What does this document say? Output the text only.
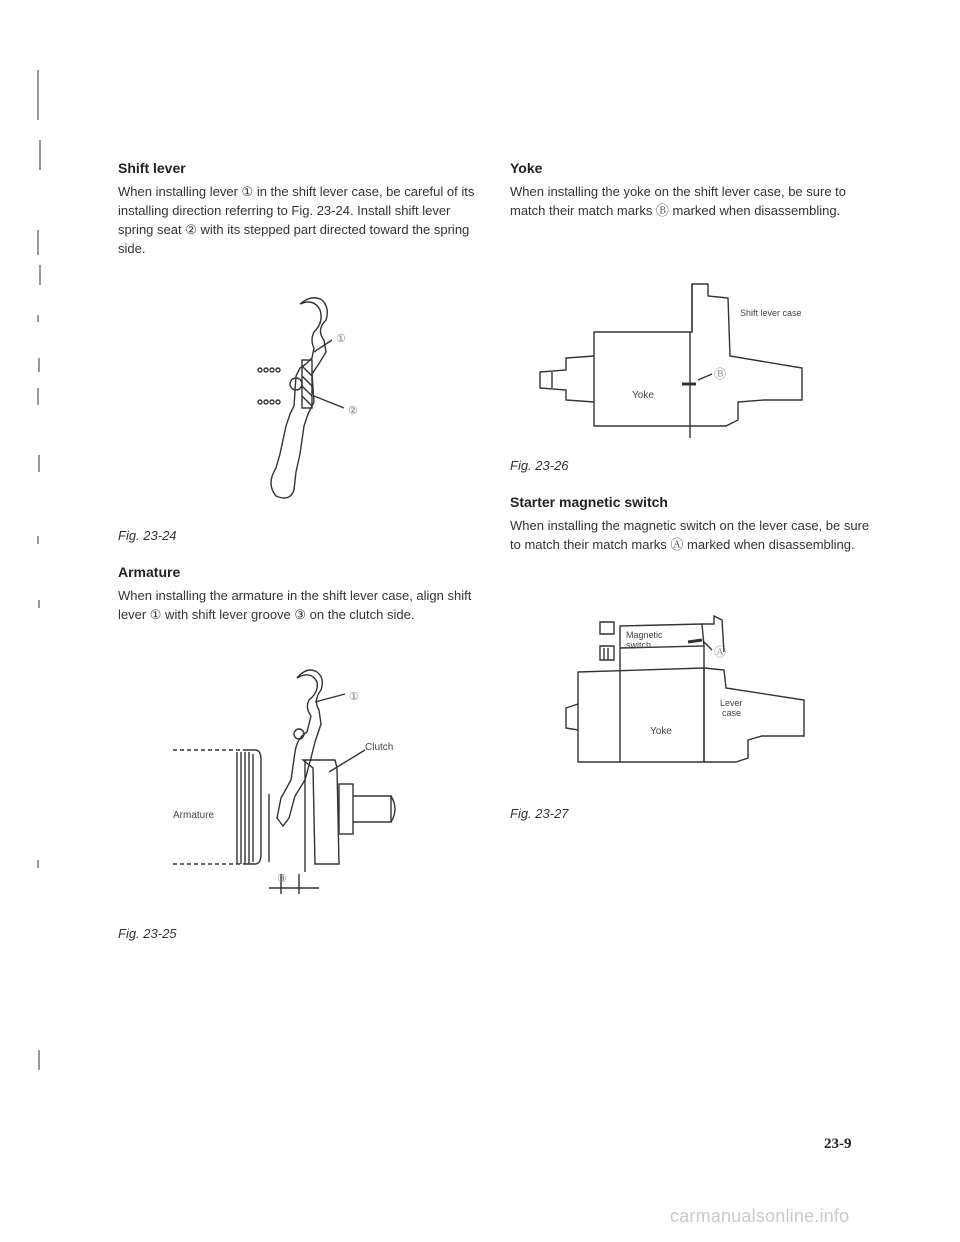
Shift lever

When installing lever ① in the shift lever case, be careful of its installing direction referring to Fig. 23-24. Install shift lever spring seat ② with its stepped part directed toward the spring side.

①
②
Fig. 23-24
Armature

When installing the armature in the shift lever case, align shift lever ① with shift lever groove ③ on the clutch side.

①
Clutch
Armature
③
Fig. 23-25
Yoke

When installing the yoke on the shift lever case, be sure to match their match marks Ⓑ marked when disassembling.

Shift lever case
Yoke
Ⓑ
Fig. 23-26
Starter magnetic switch

When installing the magnetic switch on the lever case, be sure to match their match marks Ⓐ marked when disassembling.

Magnetic
switch	Ⓐ
Lever
case
Yoke
Fig. 23-27
23-9
carmanualsonline.info
